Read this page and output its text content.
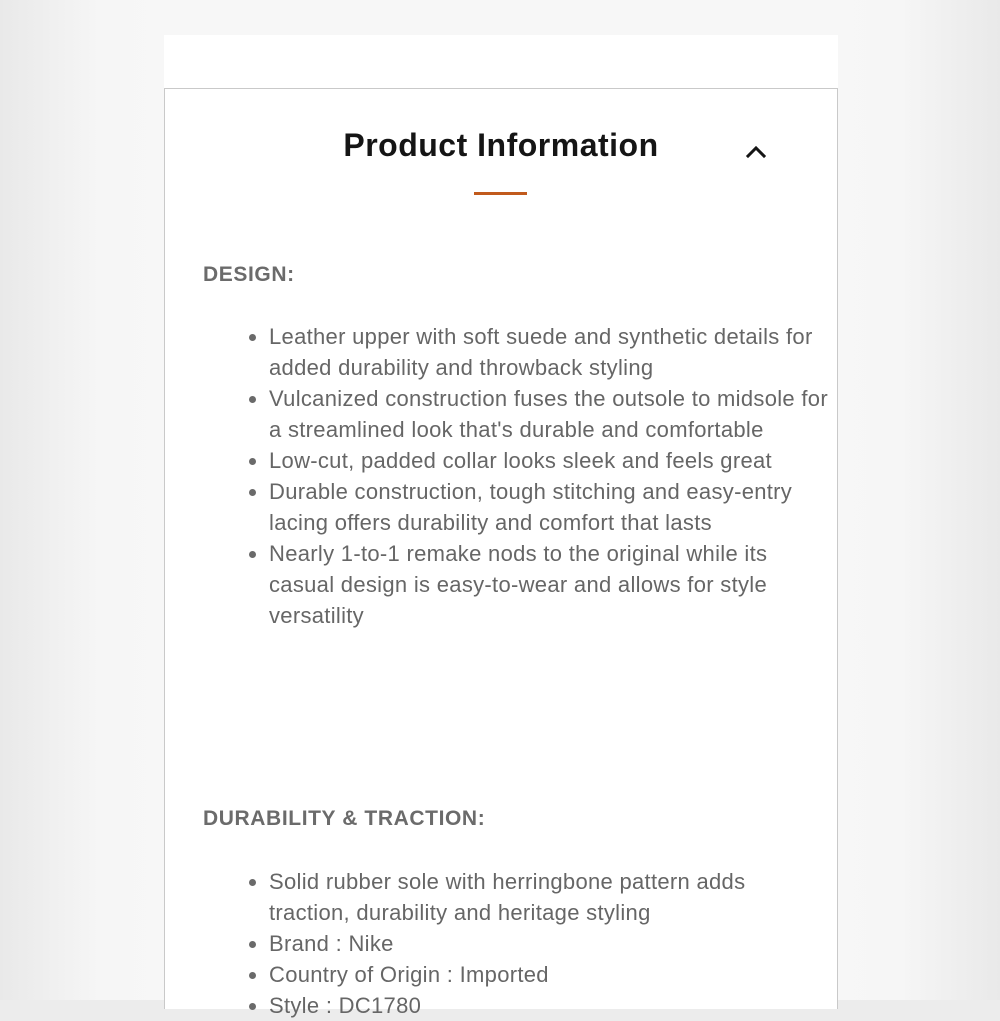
Product Information
DESIGN:
• Leather upper with soft suede and synthetic details for added durability and throwback styling
• Vulcanized construction fuses the outsole to midsole for a streamlined look that's durable and comfortable
• Low-cut, padded collar looks sleek and feels great
• Durable construction, tough stitching and easy-entry lacing offers durability and comfort that lasts
• Nearly 1-to-1 remake nods to the original while its casual design is easy-to-wear and allows for style versatility
DURABILITY & TRACTION:
• Solid rubber sole with herringbone pattern adds traction, durability and heritage styling
• Brand : Nike
• Country of Origin : Imported
• Style : DC1780
